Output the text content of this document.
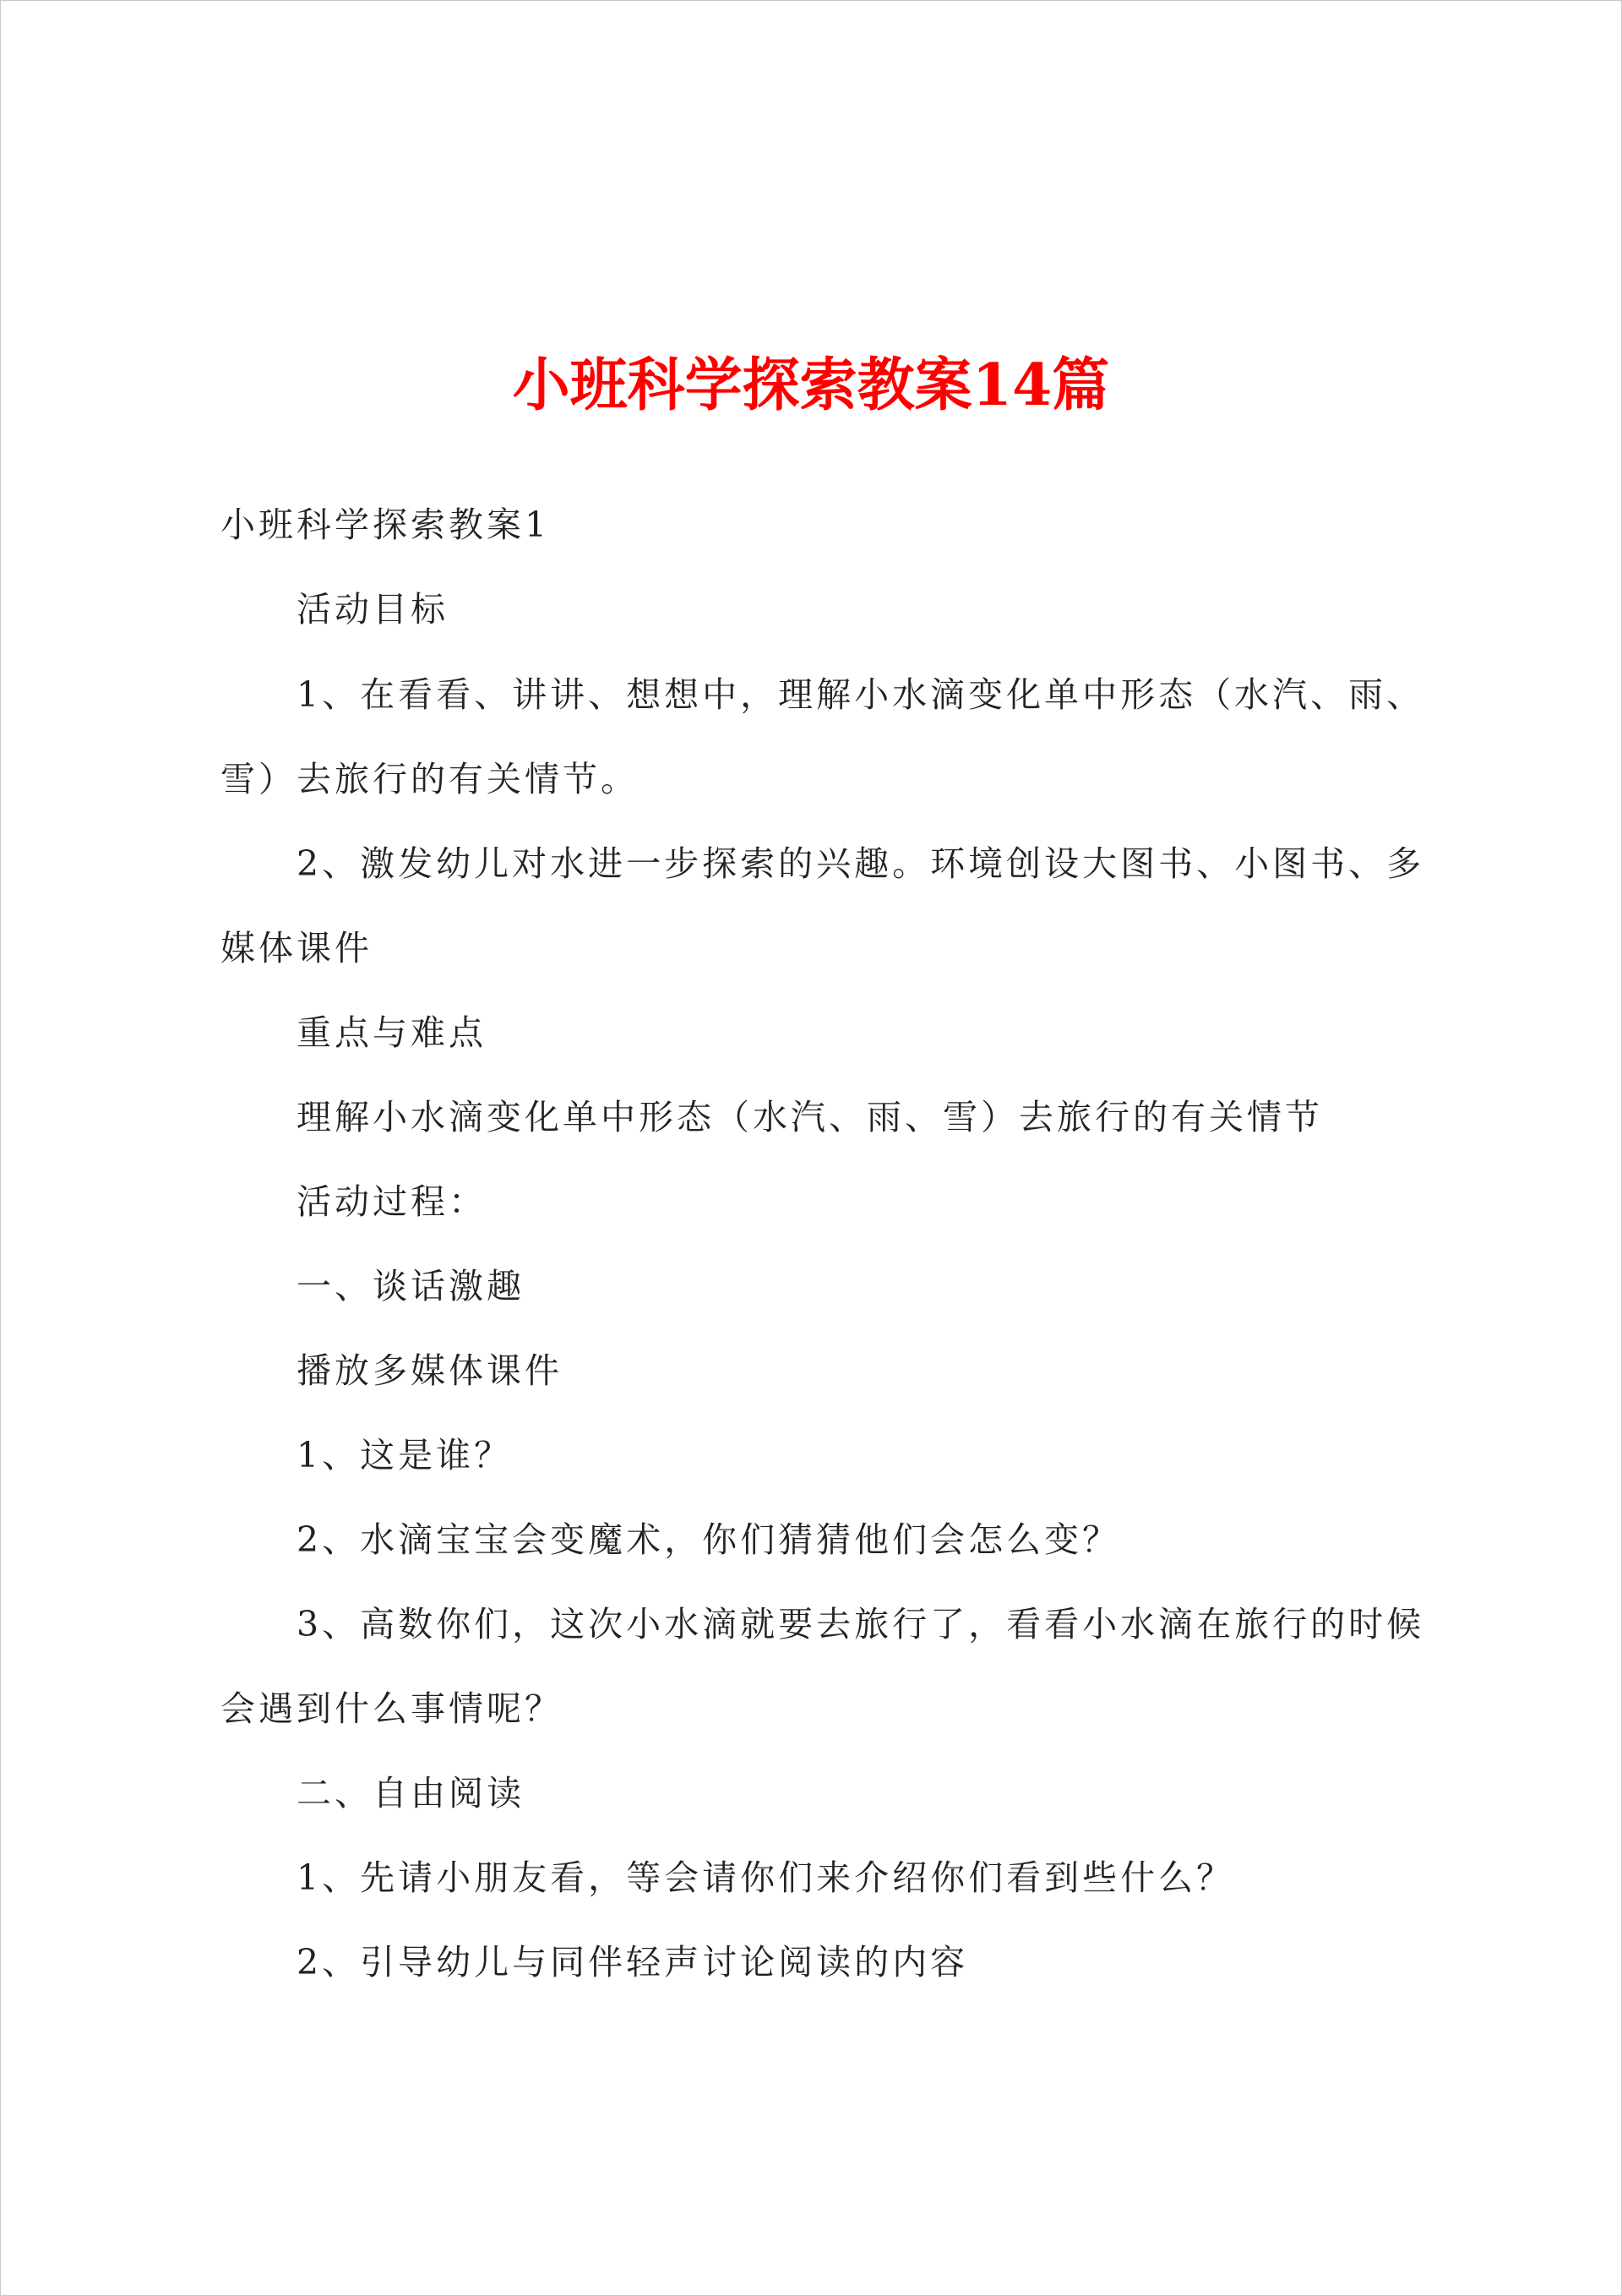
小班科学探索教案14篇
小班科学探索教案1
活动目标
1、在看看、讲讲、想想中，理解小水滴变化单中形态（水汽、雨、
雪）去旅行的有关情节。
2、激发幼儿对水进一步探索的兴趣。环境创设大图书、小图书、多
媒体课件
重点与难点
理解小水滴变化单中形态（水汽、雨、雪）去旅行的有关情节
活动过程：
一、谈话激趣
播放多媒体课件
1、这是谁？
2、水滴宝宝会变魔术，你们猜猜他们会怎么变？
3、高数你们，这次小水滴就要去旅行了，看看小水滴在旅行的时候
会遇到什么事情呢？
二、自由阅读
1、先请小朋友看，等会请你们来介绍你们看到些什么？
2、引导幼儿与同伴轻声讨论阅读的内容
